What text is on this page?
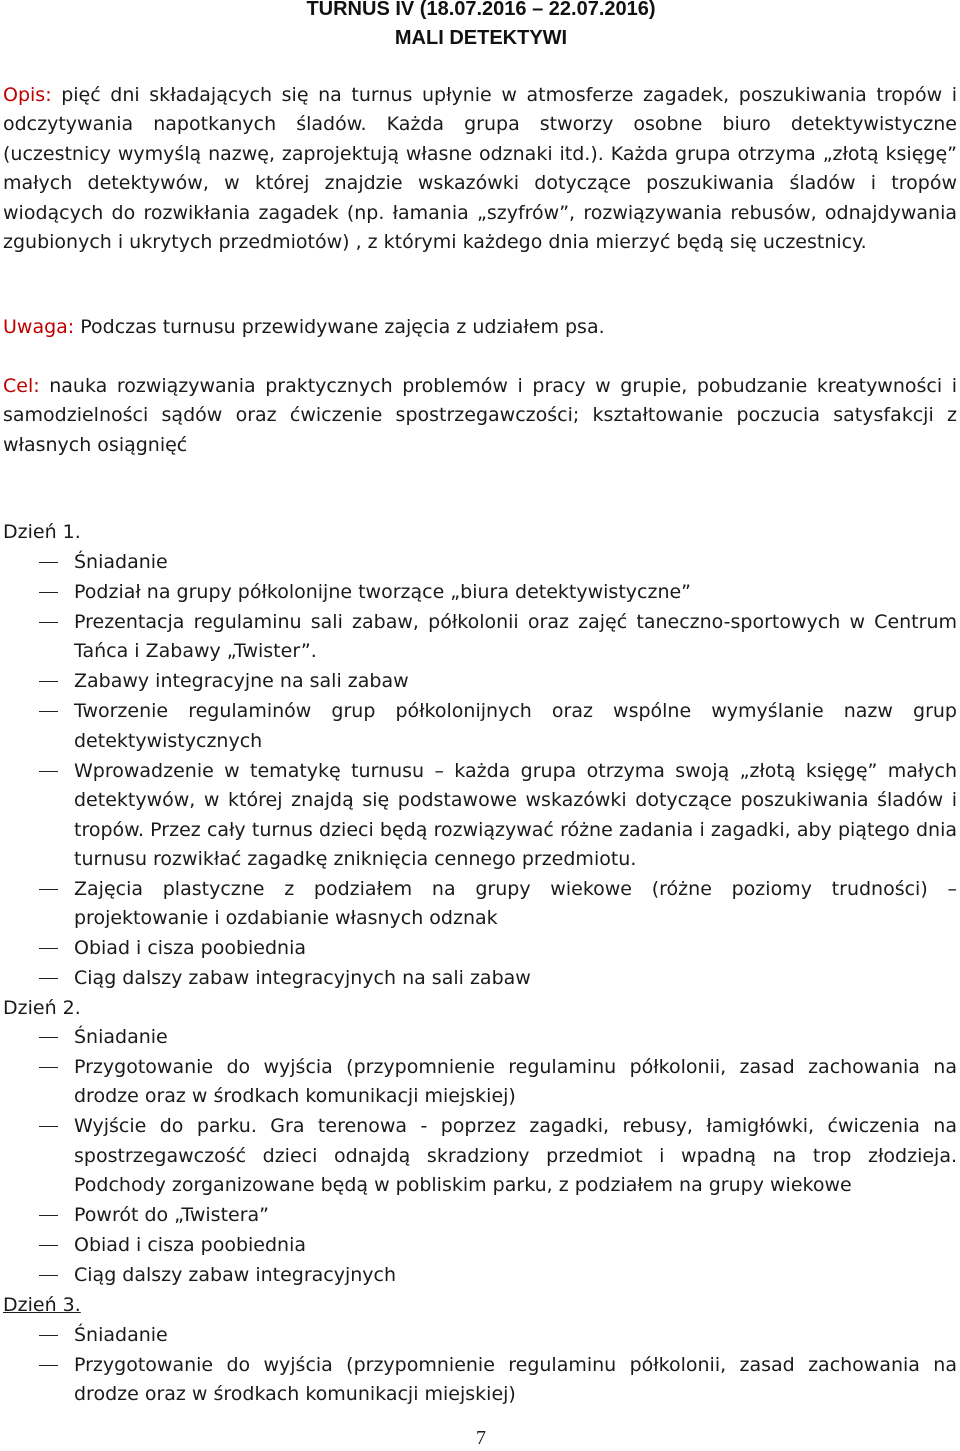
TURNUS IV (18.07.2016 – 22.07.2016)
MALI DETEKTYWI

Opis: pięć dni składających się na turnus upłynie w atmosferze zagadek, poszukiwania tropów i odczytywania napotkanych śladów. Każda grupa stworzy osobne biuro detektywistyczne (uczestnicy wymyślą nazwę, zaprojektują własne odznaki itd.). Każda grupa otrzyma „złotą księgę” małych detektywów, w której znajdzie wskazówki dotyczące poszukiwania śladów i tropów wiodących do rozwikłania zagadek (np. łamania „szyfrów”, rozwiązywania rebusów, odnajdywania zgubionych i ukrytych przedmiotów) , z którymi każdego dnia mierzyć będą się uczestnicy.

Uwaga: Podczas turnusu przewidywane zajęcia z udziałem psa.

Cel: nauka rozwiązywania praktycznych problemów i pracy w grupie, pobudzanie kreatywności i samodzielności sądów oraz ćwiczenie spostrzegawczości; kształtowanie poczucia satysfakcji z własnych osiągnięć

Dzień 1.

Śniadanie
Podział na grupy półkolonijne tworzące „biura detektywistyczne”
Prezentacja regulaminu sali zabaw, półkolonii oraz zajęć taneczno-sportowych w Centrum Tańca i Zabawy „Twister”.
Zabawy integracyjne na sali zabaw
Tworzenie regulaminów grup półkolonijnych oraz wspólne wymyślanie nazw grup detektywistycznych
Wprowadzenie w tematykę turnusu – każda grupa otrzyma swoją „złotą księgę” małych detektywów, w której znajdą się podstawowe wskazówki dotyczące poszukiwania śladów i tropów. Przez cały turnus dzieci będą rozwiązywać różne zadania i zagadki, aby piątego dnia turnusu rozwikłać zagadkę zniknięcia cennego przedmiotu.
Zajęcia plastyczne z podziałem na grupy wiekowe (różne poziomy trudności) – projektowanie i ozdabianie własnych odznak
Obiad i cisza poobiednia
Ciąg dalszy zabaw integracyjnych na sali zabaw

Dzień 2.

Śniadanie
Przygotowanie do wyjścia (przypomnienie regulaminu półkolonii, zasad zachowania na drodze oraz w środkach komunikacji miejskiej)
Wyjście do parku. Gra terenowa - poprzez zagadki, rebusy, łamigłówki, ćwiczenia na spostrzegawczość dzieci odnajdą skradziony przedmiot i wpadną na trop złodzieja. Podchody zorganizowane będą w pobliskim parku, z podziałem na grupy wiekowe
Powrót do „Twistera”
Obiad i cisza poobiednia
Ciąg dalszy zabaw integracyjnych

Dzień 3.

Śniadanie
Przygotowanie do wyjścia (przypomnienie regulaminu półkolonii, zasad zachowania na drodze oraz w środkach komunikacji miejskiej)
7
